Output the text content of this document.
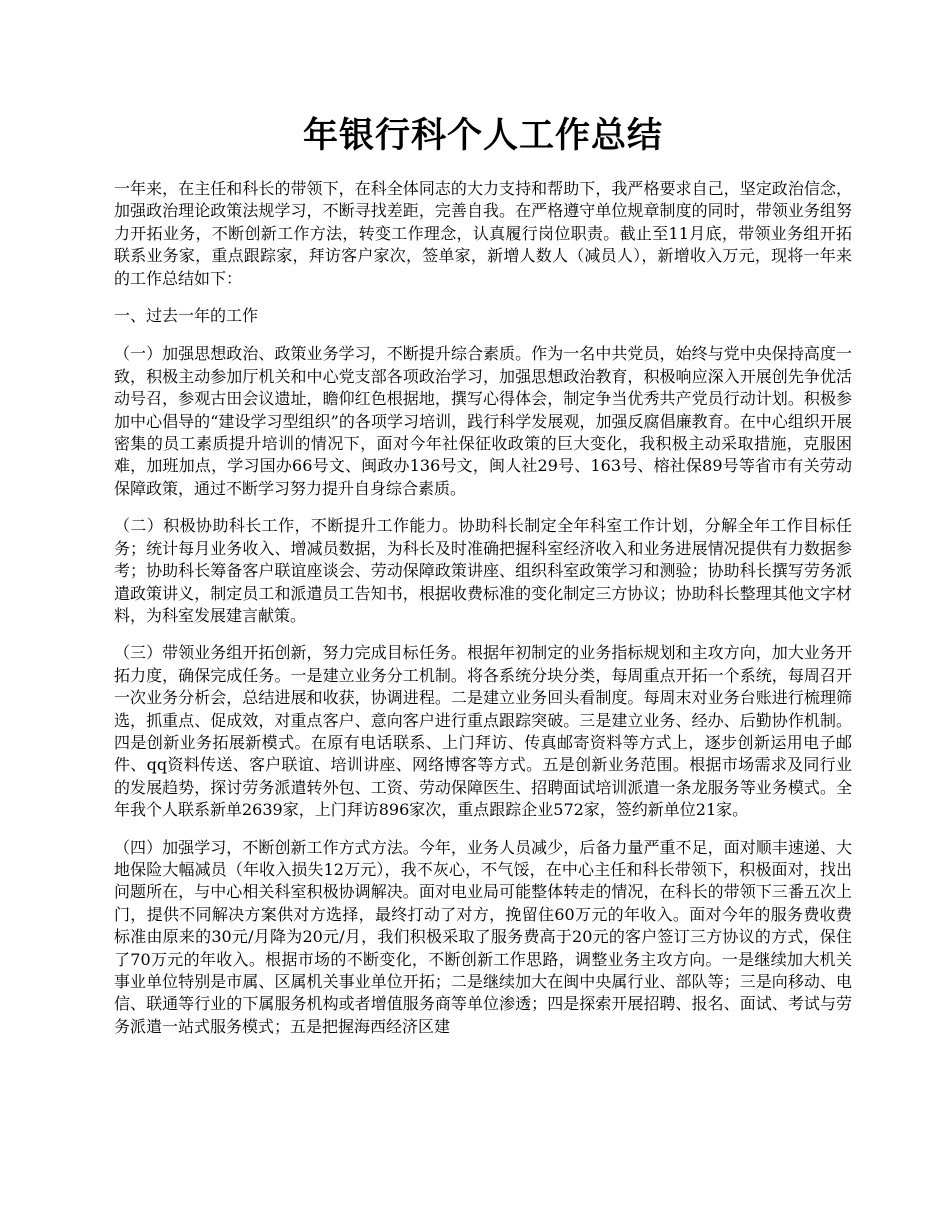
年银行科个人工作总结

一年来，在主任和科长的带领下，在科全体同志的大力支持和帮助下，我严格要求自己，坚定政治信念，加强政治理论政策法规学习，不断寻找差距，完善自我。在严格遵守单位规章制度的同时，带领业务组努力开拓业务，不断创新工作方法，转变工作理念，认真履行岗位职责。截止至11月底，带领业务组开拓联系业务家，重点跟踪家，拜访客户家次，签单家，新增人数人（减员人），新增收入万元，现将一年来的工作总结如下：

一、过去一年的工作

（一）加强思想政治、政策业务学习，不断提升综合素质。作为一名中共党员，始终与党中央保持高度一致，积极主动参加厅机关和中心党支部各项政治学习，加强思想政治教育，积极响应深入开展创先争优活动号召，参观古田会议遗址，瞻仰红色根据地，撰写心得体会，制定争当优秀共产党员行动计划。积极参加中心倡导的“建设学习型组织”的各项学习培训，践行科学发展观，加强反腐倡廉教育。在中心组织开展密集的员工素质提升培训的情况下，面对今年社保征收政策的巨大变化，我积极主动采取措施，克服困难，加班加点，学习国办66号文、闽政办136号文，闽人社29号、163号、榕社保89号等省市有关劳动保障政策，通过不断学习努力提升自身综合素质。

（二）积极协助科长工作，不断提升工作能力。协助科长制定全年科室工作计划，分解全年工作目标任务；统计每月业务收入、增减员数据，为科长及时准确把握科室经济收入和业务进展情况提供有力数据参考；协助科长筹备客户联谊座谈会、劳动保障政策讲座、组织科室政策学习和测验；协助科长撰写劳务派遣政策讲义，制定员工和派遣员工告知书，根据收费标准的变化制定三方协议；协助科长整理其他文字材料，为科室发展建言献策。

（三）带领业务组开拓创新，努力完成目标任务。根据年初制定的业务指标规划和主攻方向，加大业务开拓力度，确保完成任务。一是建立业务分工机制。将各系统分块分类，每周重点开拓一个系统，每周召开一次业务分析会，总结进展和收获，协调进程。二是建立业务回头看制度。每周末对业务台账进行梳理筛选，抓重点、促成效，对重点客户、意向客户进行重点跟踪突破。三是建立业务、经办、后勤协作机制。四是创新业务拓展新模式。在原有电话联系、上门拜访、传真邮寄资料等方式上，逐步创新运用电子邮件、qq资料传送、客户联谊、培训讲座、网络博客等方式。五是创新业务范围。根据市场需求及同行业的发展趋势，探讨劳务派遣转外包、工资、劳动保障医生、招聘面试培训派遣一条龙服务等业务模式。全年我个人联系新单2639家，上门拜访896家次，重点跟踪企业572家，签约新单位21家。

（四）加强学习，不断创新工作方式方法。今年，业务人员减少，后备力量严重不足，面对顺丰速递、大地保险大幅减员（年收入损失12万元），我不灰心，不气馁，在中心主任和科长带领下，积极面对，找出问题所在，与中心相关科室积极协调解决。面对电业局可能整体转走的情况，在科长的带领下三番五次上门，提供不同解决方案供对方选择，最终打动了对方，挽留住60万元的年收入。面对今年的服务费收费标准由原来的30元/月降为20元/月，我们积极采取了服务费高于20元的客户签订三方协议的方式，保住了70万元的年收入。根据市场的不断变化，不断创新工作思路，调整业务主攻方向。一是继续加大机关事业单位特别是市属、区属机关事业单位开拓；二是继续加大在闽中央属行业、部队等；三是向移动、电信、联通等行业的下属服务机构或者增值服务商等单位渗透；四是探索开展招聘、报名、面试、考试与劳务派遣一站式服务模式；五是把握海西经济区建
